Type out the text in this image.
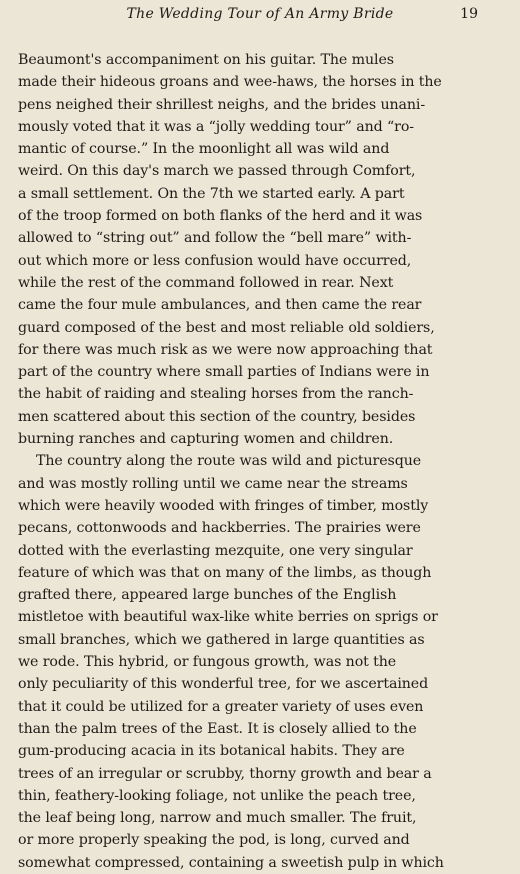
The Wedding Tour of An Army Bride	19
Beaumont's accompaniment on his guitar. The mules
made their hideous groans and wee-haws, the horses in the
pens neighed their shrillest neighs, and the brides unani-
mously voted that it was a “jolly wedding tour” and “ro-
mantic of course.” In the moonlight all was wild and
weird. On this day's march we passed through Comfort,
a small settlement. On the 7th we started early. A part
of the troop formed on both flanks of the herd and it was
allowed to “string out” and follow the “bell mare” with-
out which more or less confusion would have occurred,
while the rest of the command followed in rear. Next
came the four mule ambulances, and then came the rear
guard composed of the best and most reliable old soldiers,
for there was much risk as we were now approaching that
part of the country where small parties of Indians were in
the habit of raiding and stealing horses from the ranch-
men scattered about this section of the country, besides
burning ranches and capturing women and children.
The country along the route was wild and picturesque
and was mostly rolling until we came near the streams
which were heavily wooded with fringes of timber, mostly
pecans, cottonwoods and hackberries. The prairies were
dotted with the everlasting mezquite, one very singular
feature of which was that on many of the limbs, as though
grafted there, appeared large bunches of the English
mistletoe with beautiful wax-like white berries on sprigs or
small branches, which we gathered in large quantities as
we rode. This hybrid, or fungous growth, was not the
only peculiarity of this wonderful tree, for we ascertained
that it could be utilized for a greater variety of uses even
than the palm trees of the East. It is closely allied to the
gum-producing acacia in its botanical habits. They are
trees of an irregular or scrubby, thorny growth and bear a
thin, feathery-looking foliage, not unlike the peach tree,
the leaf being long, narrow and much smaller. The fruit,
or more properly speaking the pod, is long, curved and
somewhat compressed, containing a sweetish pulp in which
